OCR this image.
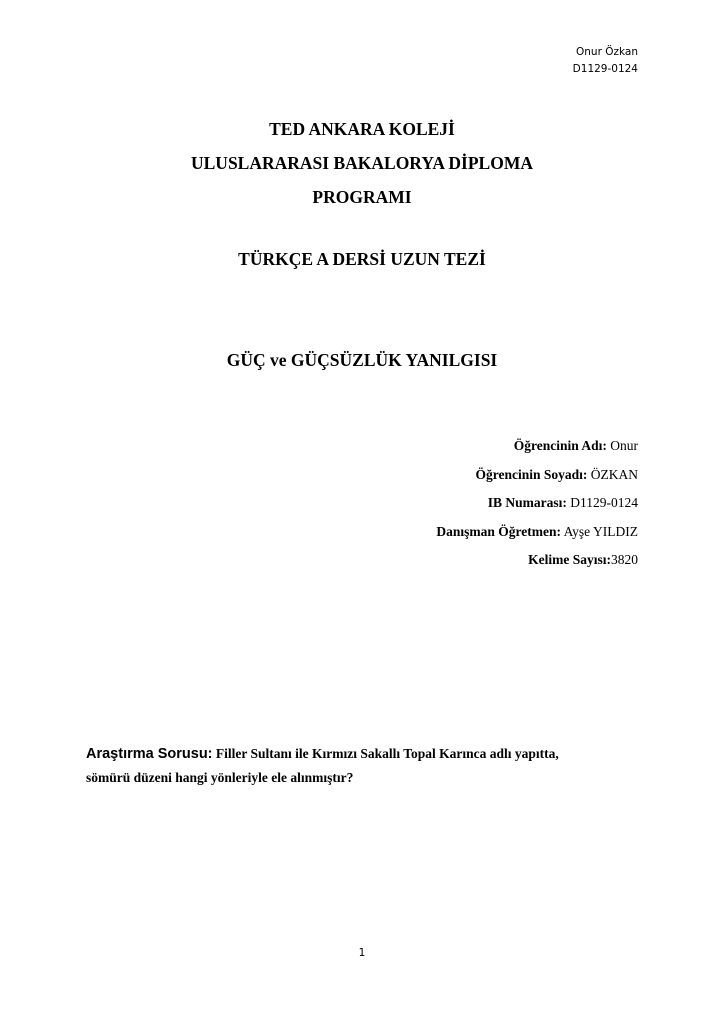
Onur Özkan
D1129-0124
TED ANKARA KOLEJİ
ULUSLARARASI BAKALORYA DİPLOMA
PROGRAMI
TÜRKÇE A DERSİ UZUN TEZİ
GÜÇ ve GÜÇSÜZLÜK YANILGISI
Öğrencinin Adı: Onur
Öğrencinin Soyadı: ÖZKAN
IB Numarası: D1129-0124
Danışman Öğretmen: Ayşe YILDIZ
Kelime Sayısı:3820
Araştırma Sorusu: Filler Sultanı ile Kırmızı Sakallı Topal Karınca adlı yapıtta,
sömürü düzeni hangi yönleriyle ele alınmıştır?
1
